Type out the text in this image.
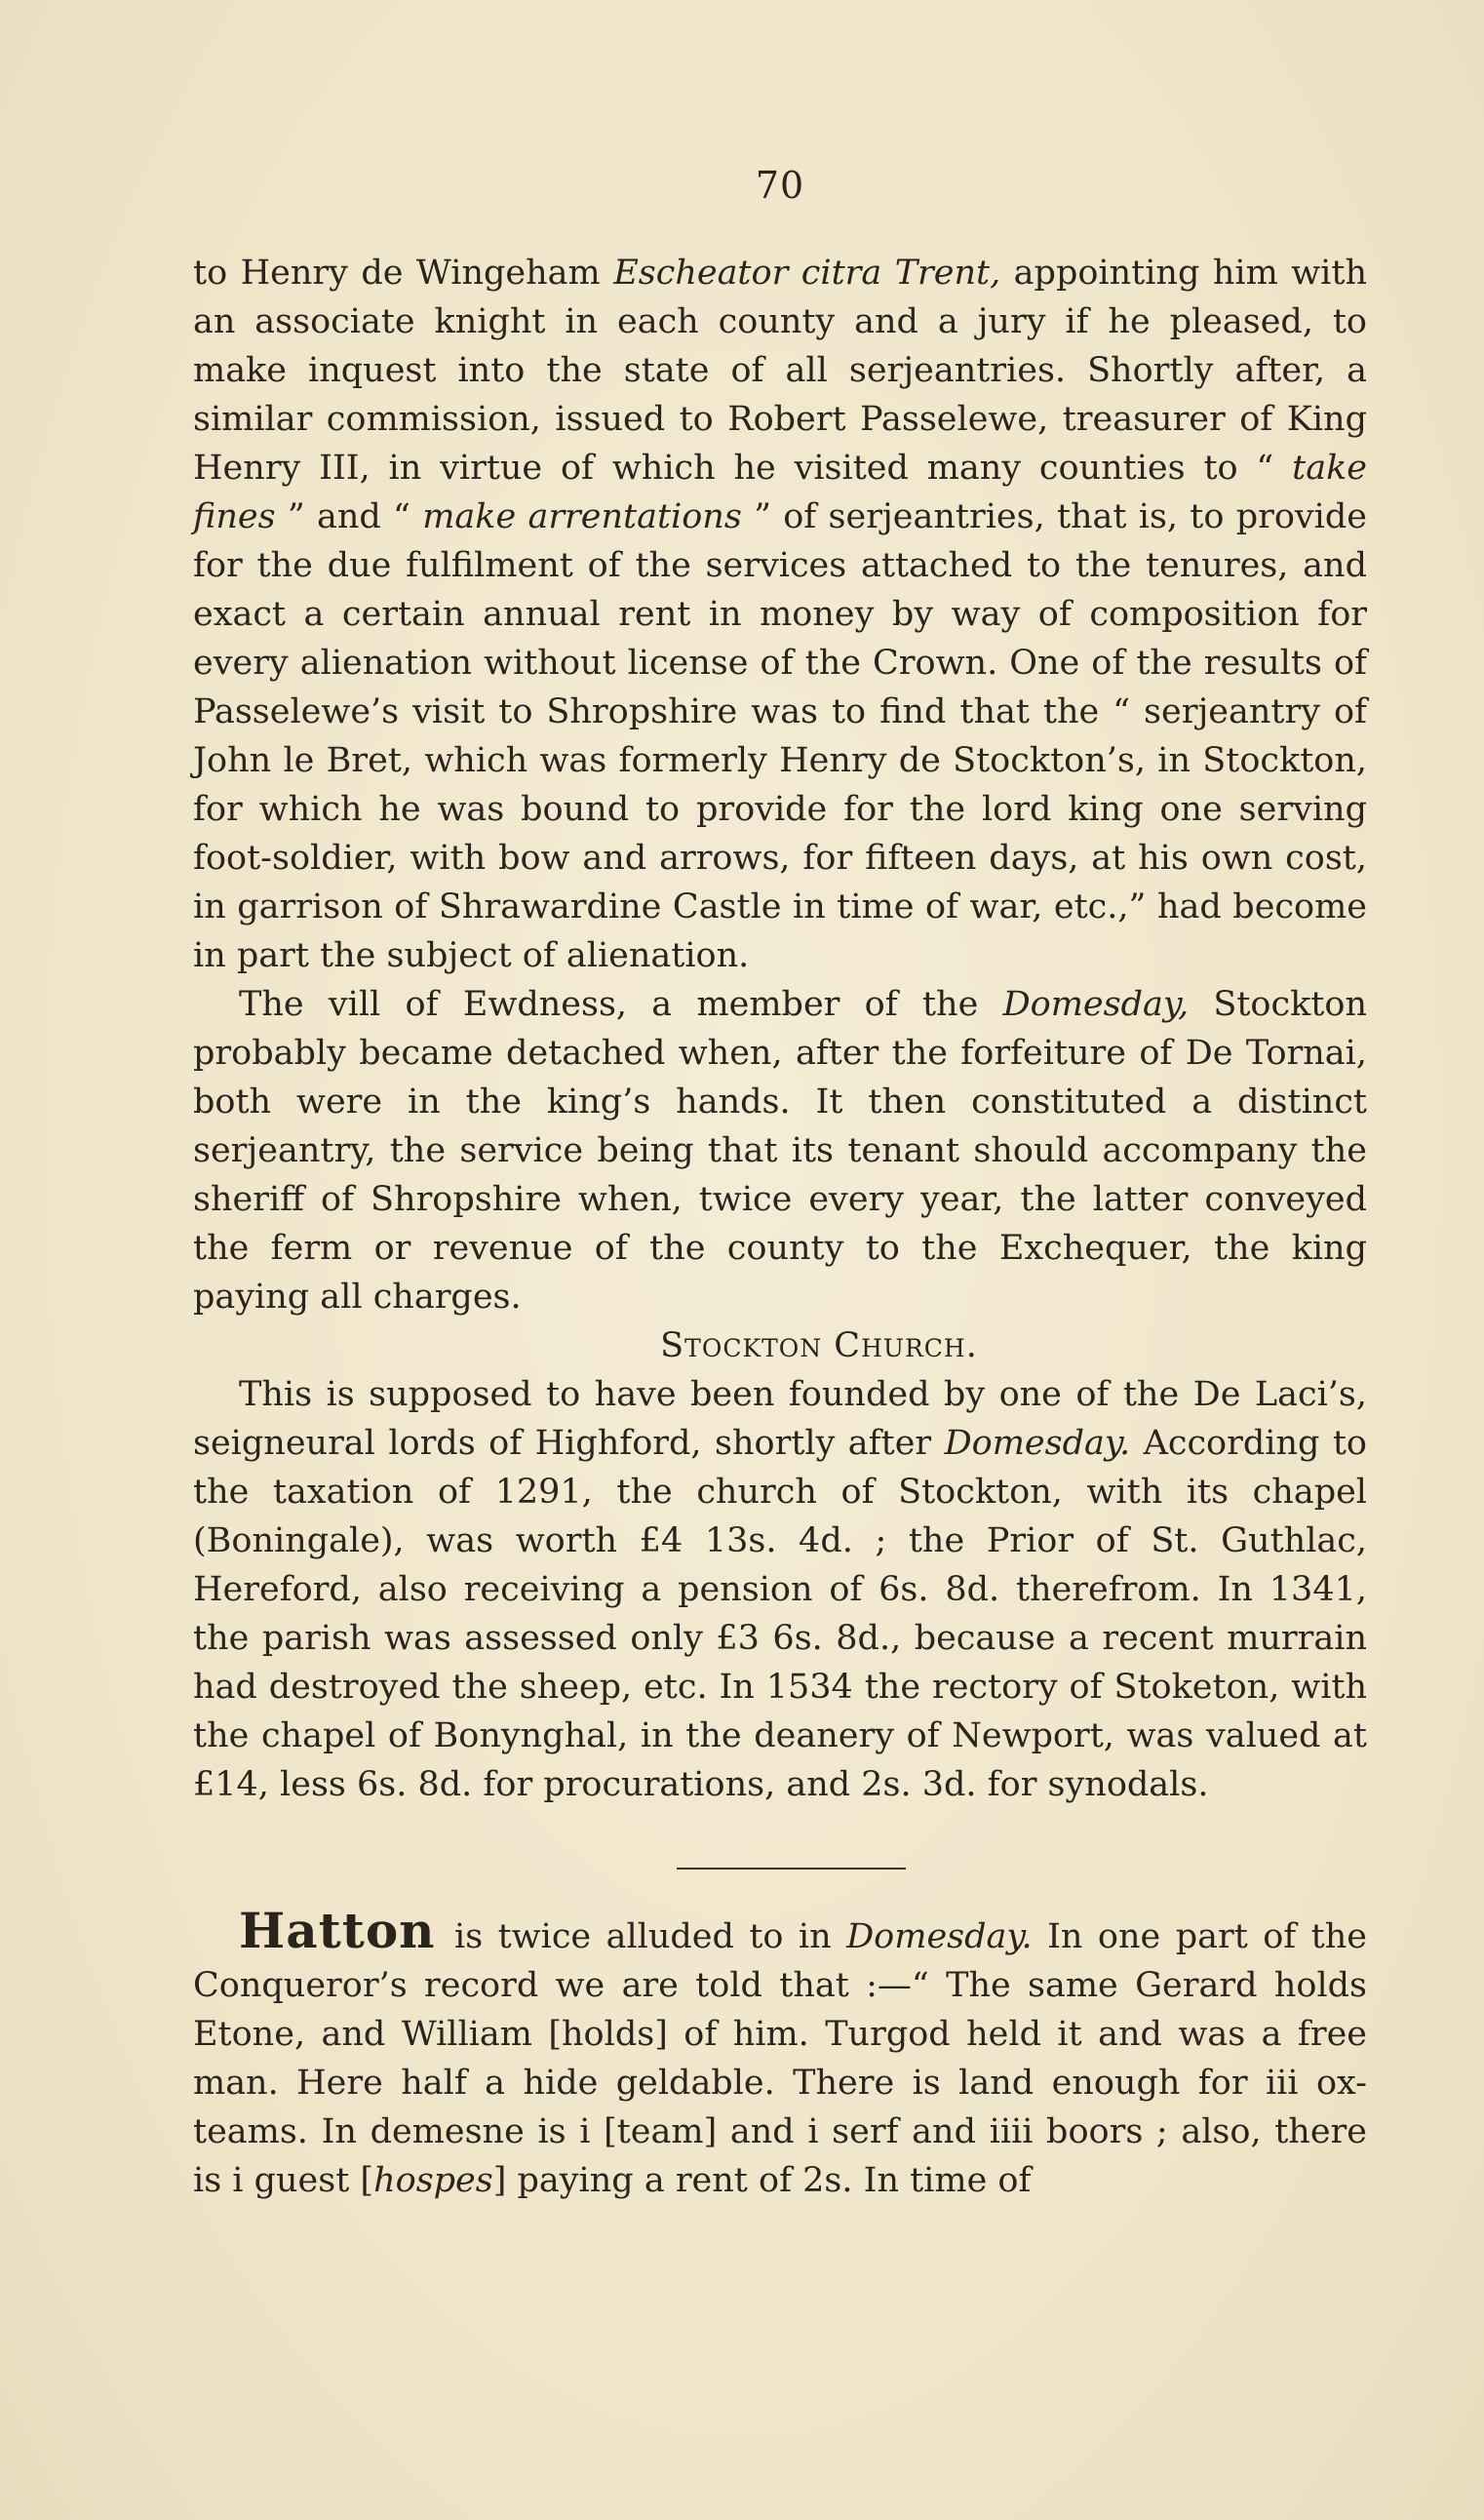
70

to Henry de Wingeham Escheator citra Trent, appointing him with an associate knight in each county and a jury if he pleased, to make inquest into the state of all serjeantries. Shortly after, a similar commission, issued to Robert Passelewe, treasurer of King Henry III, in virtue of which he visited many counties to “ take fines ” and “ make arrentations ” of serjeantries, that is, to provide for the due fulfilment of the services attached to the tenures, and exact a certain annual rent in money by way of composition for every alienation without license of the Crown. One of the results of Passelewe’s visit to Shropshire was to find that the “ serjeantry of John le Bret, which was formerly Henry de Stockton’s, in Stockton, for which he was bound to provide for the lord king one serving foot-soldier, with bow and arrows, for fifteen days, at his own cost, in garrison of Shrawardine Castle in time of war, etc.,” had become in part the subject of alienation.

The vill of Ewdness, a member of the Domesday, Stockton probably became detached when, after the forfeiture of De Tornai, both were in the king’s hands. It then constituted a distinct serjeantry, the service being that its tenant should accompany the sheriff of Shropshire when, twice every year, the latter conveyed the ferm or revenue of the county to the Exchequer, the king paying all charges.

Stockton Church.

This is supposed to have been founded by one of the De Laci’s, seigneural lords of Highford, shortly after Domesday. According to the taxation of 1291, the church of Stockton, with its chapel (Boningale), was worth £4 13s. 4d. ; the Prior of St. Guthlac, Hereford, also receiving a pension of 6s. 8d. therefrom. In 1341, the parish was assessed only £3 6s. 8d., because a recent murrain had destroyed the sheep, etc. In 1534 the rectory of Stoketon, with the chapel of Bonynghal, in the deanery of Newport, was valued at £14, less 6s. 8d. for procurations, and 2s. 3d. for synodals.

Hatton is twice alluded to in Domesday. In one part of the Conqueror’s record we are told that :—“ The same Gerard holds Etone, and William [holds] of him. Turgod held it and was a free man. Here half a hide geldable. There is land enough for iii ox-teams. In demesne is i [team] and i serf and iiii boors ; also, there is i guest [hospes] paying a rent of 2s. In time of
